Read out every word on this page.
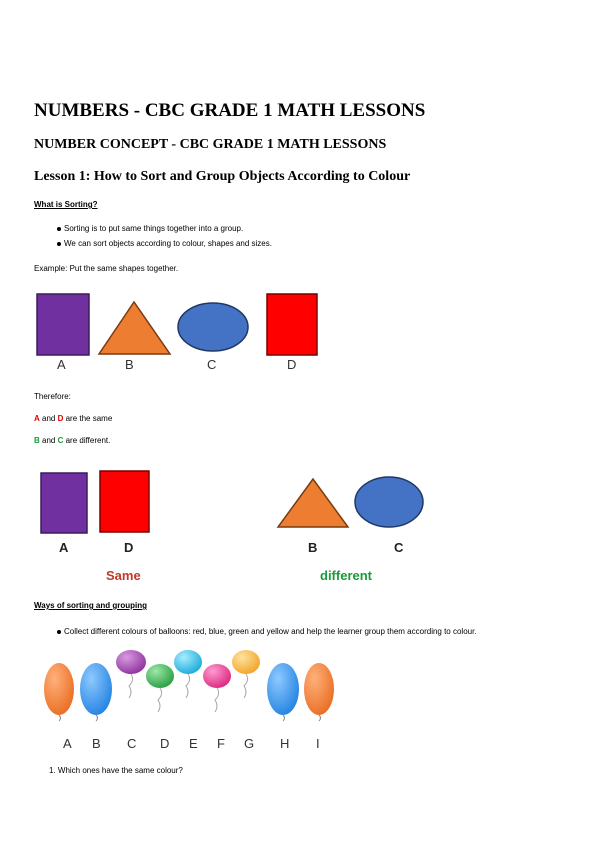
NUMBERS - CBC GRADE 1 MATH LESSONS
NUMBER CONCEPT - CBC GRADE 1 MATH LESSONS
Lesson 1: How to Sort and Group Objects According to Colour
What is Sorting?
Sorting is to put same things together into a group.
We can sort objects according to colour, shapes and sizes.
Example: Put the same shapes together.
A	B	C	D
Therefore:
A and D are the same
B and C are different.
A	D	B	C
Same	different
Ways of sorting and grouping
Collect different colours of balloons: red, blue, green and yellow and help the learner group them according to colour.
A B C D E F G H I
1. Which ones have the same colour?
